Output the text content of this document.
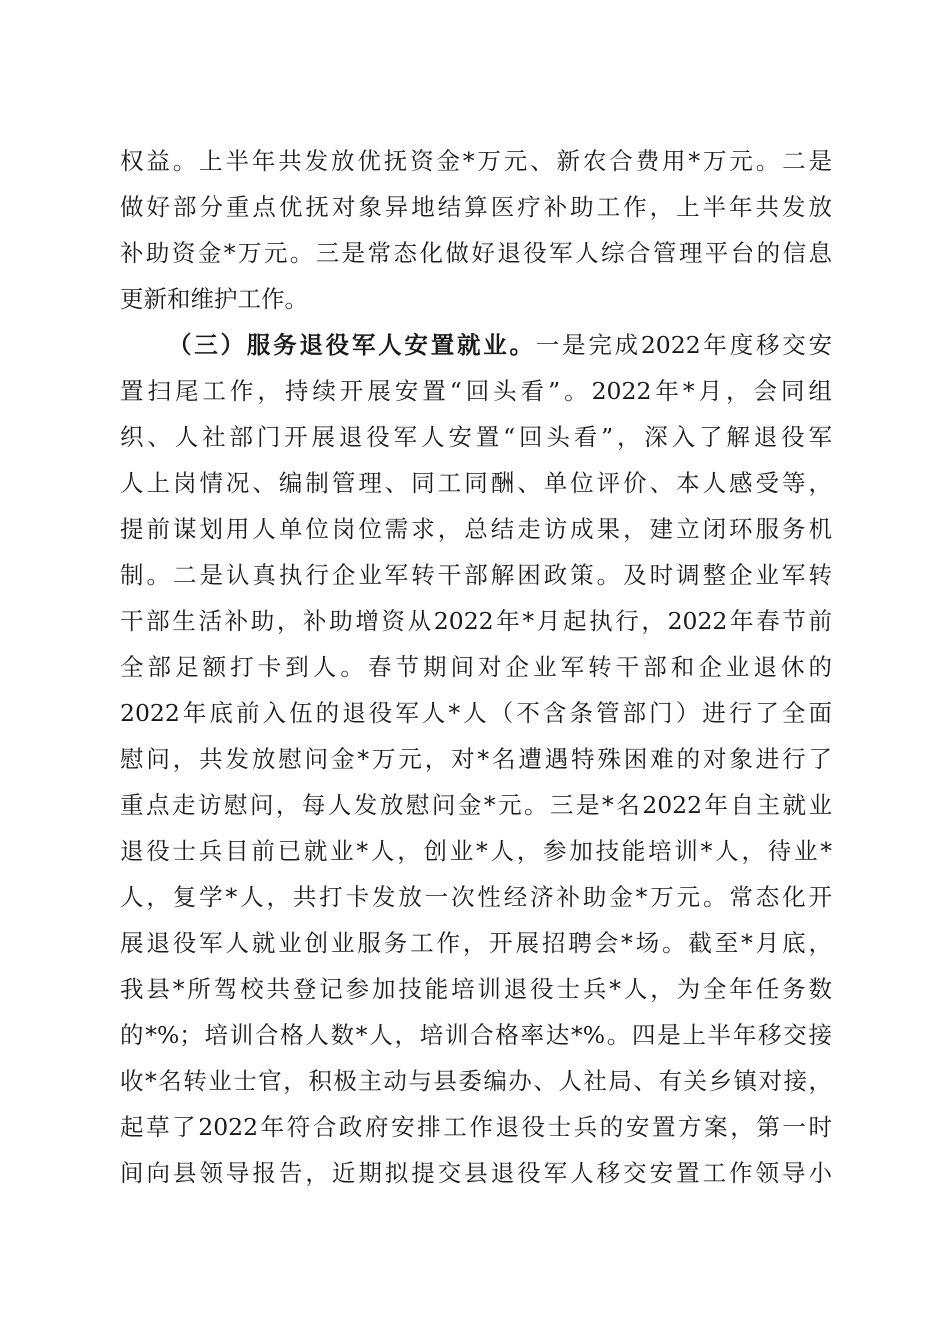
权益。上半年共发放优抚资金*万元、新农合费用*万元。二是
做好部分重点优抚对象异地结算医疗补助工作，上半年共发放
补助资金*万元。三是常态化做好退役军人综合管理平台的信息
更新和维护工作。
（三）服务退役军人安置就业。一是完成2022年度移交安
置扫尾工作，持续开展安置“回头看”。2022年*月，会同组
织、人社部门开展退役军人安置“回头看”，深入了解退役军
人上岗情况、编制管理、同工同酬、单位评价、本人感受等，
提前谋划用人单位岗位需求，总结走访成果，建立闭环服务机
制。二是认真执行企业军转干部解困政策。及时调整企业军转
干部生活补助，补助增资从2022年*月起执行，2022年春节前
全部足额打卡到人。春节期间对企业军转干部和企业退休的
2022年底前入伍的退役军人*人（不含条管部门）进行了全面
慰问，共发放慰问金*万元，对*名遭遇特殊困难的对象进行了
重点走访慰问，每人发放慰问金*元。三是*名2022年自主就业
退役士兵目前已就业*人，创业*人，参加技能培训*人，待业*
人，复学*人，共打卡发放一次性经济补助金*万元。常态化开
展退役军人就业创业服务工作，开展招聘会*场。截至*月底，
我县*所驾校共登记参加技能培训退役士兵*人，为全年任务数
的*%；培训合格人数*人，培训合格率达*%。四是上半年移交接
收*名转业士官，积极主动与县委编办、人社局、有关乡镇对接，
起草了2022年符合政府安排工作退役士兵的安置方案，第一时
间向县领导报告，近期拟提交县退役军人移交安置工作领导小
